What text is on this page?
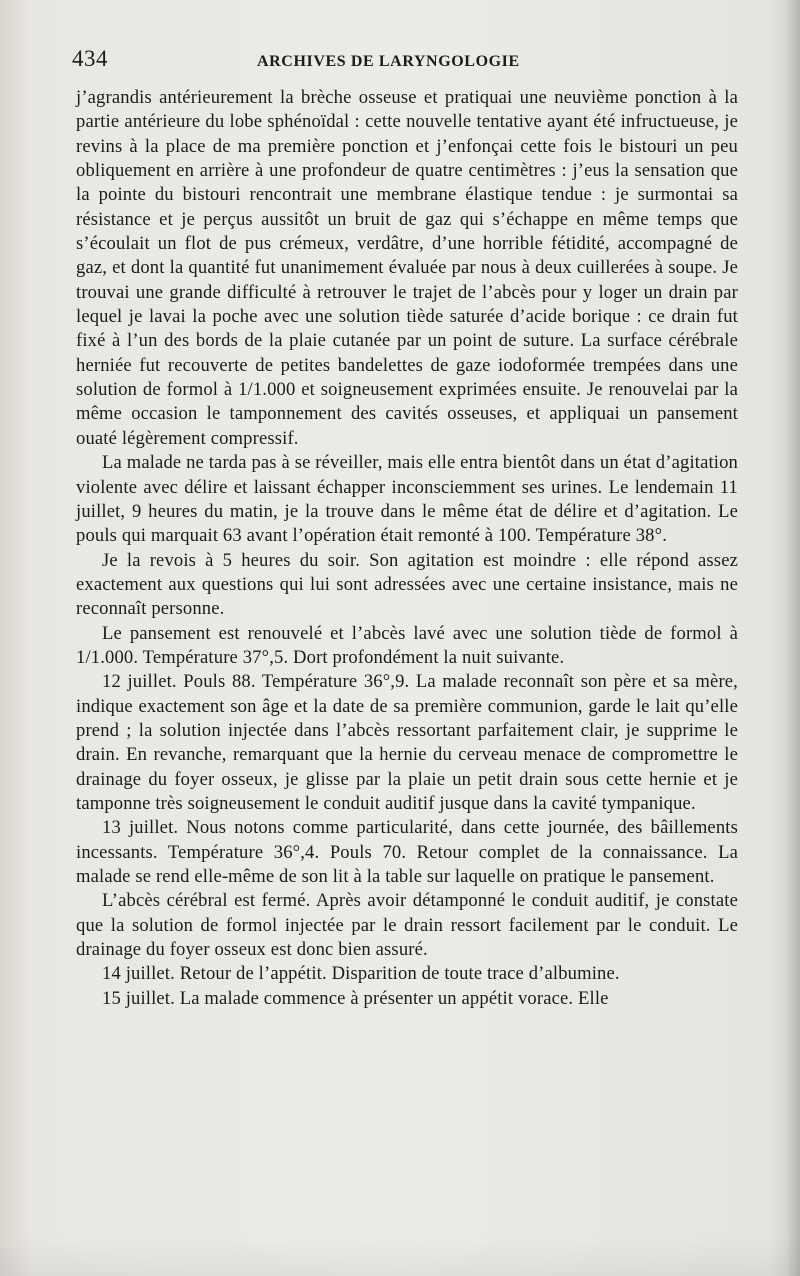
434	ARCHIVES DE LARYNGOLOGIE

j’agrandis antérieurement la brèche osseuse et pratiquai une neuvième ponction à la partie antérieure du lobe sphénoïdal : cette nouvelle tentative ayant été infructueuse, je revins à la place de ma première ponction et j’enfonçai cette fois le bistouri un peu obliquement en arrière à une profondeur de quatre centimètres : j’eus la sensation que la pointe du bistouri rencontrait une membrane élastique tendue : je surmontai sa résistance et je perçus aussitôt un bruit de gaz qui s’échappe en même temps que s’écoulait un flot de pus crémeux, verdâtre, d’une horrible fétidité, accompagné de gaz, et dont la quantité fut unanimement évaluée par nous à deux cuillerées à soupe. Je trouvai une grande difficulté à retrouver le trajet de l’abcès pour y loger un drain par lequel je lavai la poche avec une solution tiède saturée d’acide borique : ce drain fut fixé à l’un des bords de la plaie cutanée par un point de suture. La surface cérébrale herniée fut recouverte de petites bandelettes de gaze iodoformée trempées dans une solution de formol à 1/1.000 et soigneusement exprimées ensuite. Je renouvelai par la même occasion le tamponnement des cavités osseuses, et appliquai un pansement ouaté légèrement compressif.

La malade ne tarda pas à se réveiller, mais elle entra bientôt dans un état d’agitation violente avec délire et laissant échapper inconsciemment ses urines. Le lendemain 11 juillet, 9 heures du matin, je la trouve dans le même état de délire et d’agitation. Le pouls qui marquait 63 avant l’opération était remonté à 100. Température 38°.

Je la revois à 5 heures du soir. Son agitation est moindre : elle répond assez exactement aux questions qui lui sont adressées avec une certaine insistance, mais ne reconnaît personne.

Le pansement est renouvelé et l’abcès lavé avec une solution tiède de formol à 1/1.000. Température 37°,5. Dort profondément la nuit suivante.

12 juillet. Pouls 88. Température 36°,9. La malade reconnaît son père et sa mère, indique exactement son âge et la date de sa première communion, garde le lait qu’elle prend ; la solution injectée dans l’abcès ressortant parfaitement clair, je supprime le drain. En revanche, remarquant que la hernie du cerveau menace de compromettre le drainage du foyer osseux, je glisse par la plaie un petit drain sous cette hernie et je tamponne très soigneusement le conduit auditif jusque dans la cavité tympanique.

13 juillet. Nous notons comme particularité, dans cette journée, des bâillements incessants. Température 36°,4. Pouls 70. Retour complet de la connaissance. La malade se rend elle-même de son lit à la table sur laquelle on pratique le pansement.

L’abcès cérébral est fermé. Après avoir détamponné le conduit auditif, je constate que la solution de formol injectée par le drain ressort facilement par le conduit. Le drainage du foyer osseux est donc bien assuré.

14 juillet. Retour de l’appétit. Disparition de toute trace d’albumine.

15 juillet. La malade commence à présenter un appétit vorace. Elle
